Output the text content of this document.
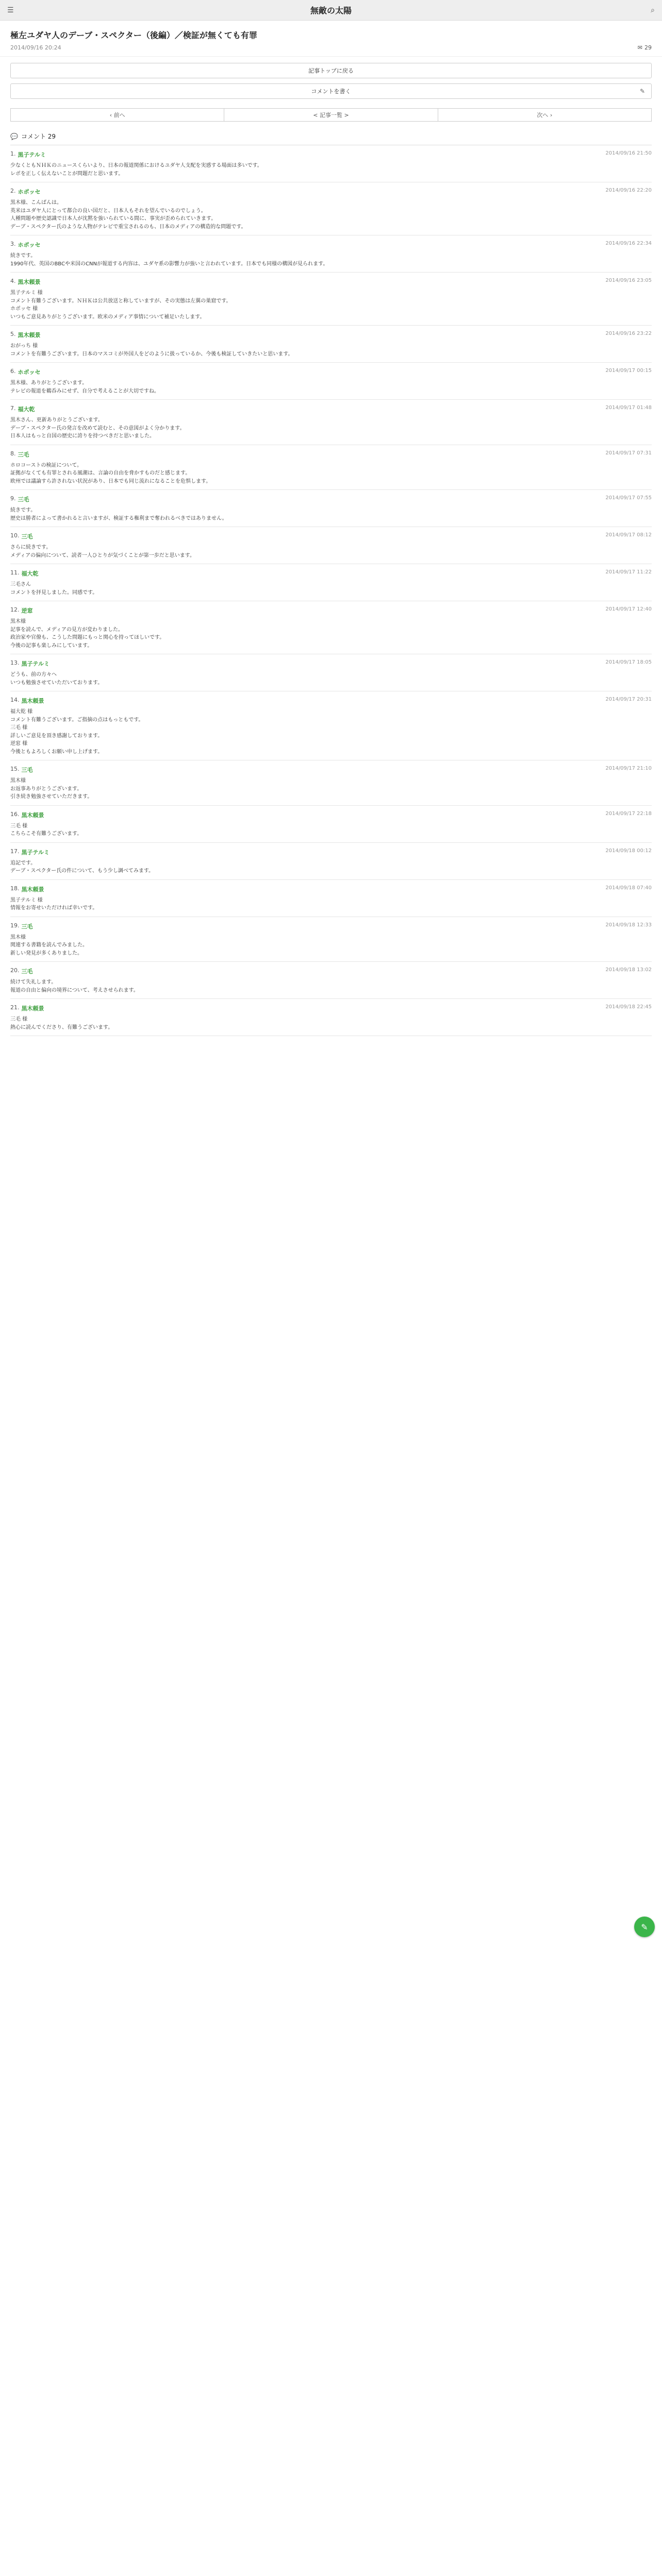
☰	無敵の太陽	⌕
極左ユダヤ人のデーブ・スペクター（後編）／検証が無くても有罪
2014/09/16 20:24	✉ 29
記事トップに戻る
コメントを書く	✎
‹ 前へ	< 記事一覧 >	次へ ›
💬 コメント 29
1. 黒子テルミ	2014/09/16 21:50
少なくともＮＨＫのニュースくらいより、日本の報道関係におけるユダヤ人支配を実感する場面は多いです。
レポを正しく伝えないことが問題だと思います。
2. ホポッセ	2014/09/16 22:20
黒木様、こんばんは。
英米はユダヤ人にとって都合の良い国だと、日本人もそれを望んでいるのでしょう。
人種問題や歴史認識で日本人が沈黙を強いられている間に、事実が歪められていきます。
デーブ・スペクター氏のような人物がテレビで重宝されるのも、日本のメディアの構造的な問題です。
3. ホポッセ	2014/09/16 22:34
続きです。
1990年代、英国のBBCや米国のCNNが報道する内容は、ユダヤ系の影響力が強いと言われています。日本でも同様の構図が見られます。
4. 黒木頼景	2014/09/16 23:05
黒子テルミ 様
コメント有難うございます。ＮＨＫは公共放送と称していますが、その実態は左翼の巣窟です。
ホポッセ 様
いつもご意見ありがとうございます。欧米のメディア事情について補足いたします。
5. 黒木頼景	2014/09/16 23:22
おがっち 様
コメントを有難うございます。日本のマスコミが外国人をどのように扱っているか、今後も検証していきたいと思います。
6. ホポッセ	2014/09/17 00:15
黒木様、ありがとうございます。
テレビの報道を鵜呑みにせず、自分で考えることが大切ですね。
7. 福大乾	2014/09/17 01:48
黒木さん、更新ありがとうございます。
デーブ・スペクター氏の発言を改めて読むと、その意図がよく分かります。
日本人はもっと自国の歴史に誇りを持つべきだと思いました。
8. 三毛	2014/09/17 07:31
ホロコーストの検証について。
証拠がなくても有罪とされる風潮は、言論の自由を脅かすものだと感じます。
欧州では議論すら許されない状況があり、日本でも同じ流れになることを危惧します。
9. 三毛	2014/09/17 07:55
続きです。
歴史は勝者によって書かれると言いますが、検証する権利まで奪われるべきではありません。
10. 三毛	2014/09/17 08:12
さらに続きです。
メディアの偏向について、読者一人ひとりが気づくことが第一歩だと思います。
11. 福大乾	2014/09/17 11:22
三毛さん
コメントを拝見しました。同感です。
12. 逆窓	2014/09/17 12:40
黒木様
記事を読んで、メディアの見方が変わりました。
政治家や官僚も、こうした問題にもっと関心を持ってほしいです。
今後の記事も楽しみにしています。
13. 黒子テルミ	2014/09/17 18:05
どうも、前の方々へ
いつも勉強させていただいております。
14. 黒木頼景	2014/09/17 20:31
福大乾 様
コメント有難うございます。ご指摘の点はもっともです。
三毛 様
詳しいご意見を頂き感謝しております。
逆窓 様
今後ともよろしくお願い申し上げます。
15. 三毛	2014/09/17 21:10
黒木様
お返事ありがとうございます。
引き続き勉強させていただきます。
16. 黒木頼景	2014/09/17 22:18
三毛 様
こちらこそ有難うございます。
17. 黒子テルミ	2014/09/18 00:12
追記です。
デーブ・スペクター氏の件について、もう少し調べてみます。
18. 黒木頼景	2014/09/18 07:40
黒子テルミ 様
情報をお寄せいただければ幸いです。
19. 三毛	2014/09/18 12:33
黒木様
関連する書籍を読んでみました。
新しい発見が多くありました。
20. 三毛	2014/09/18 13:02
続けて失礼します。
報道の自由と偏向の境界について、考えさせられます。
21. 黒木頼景	2014/09/18 22:45
三毛 様
熱心に読んでくださり、有難うございます。
✎
